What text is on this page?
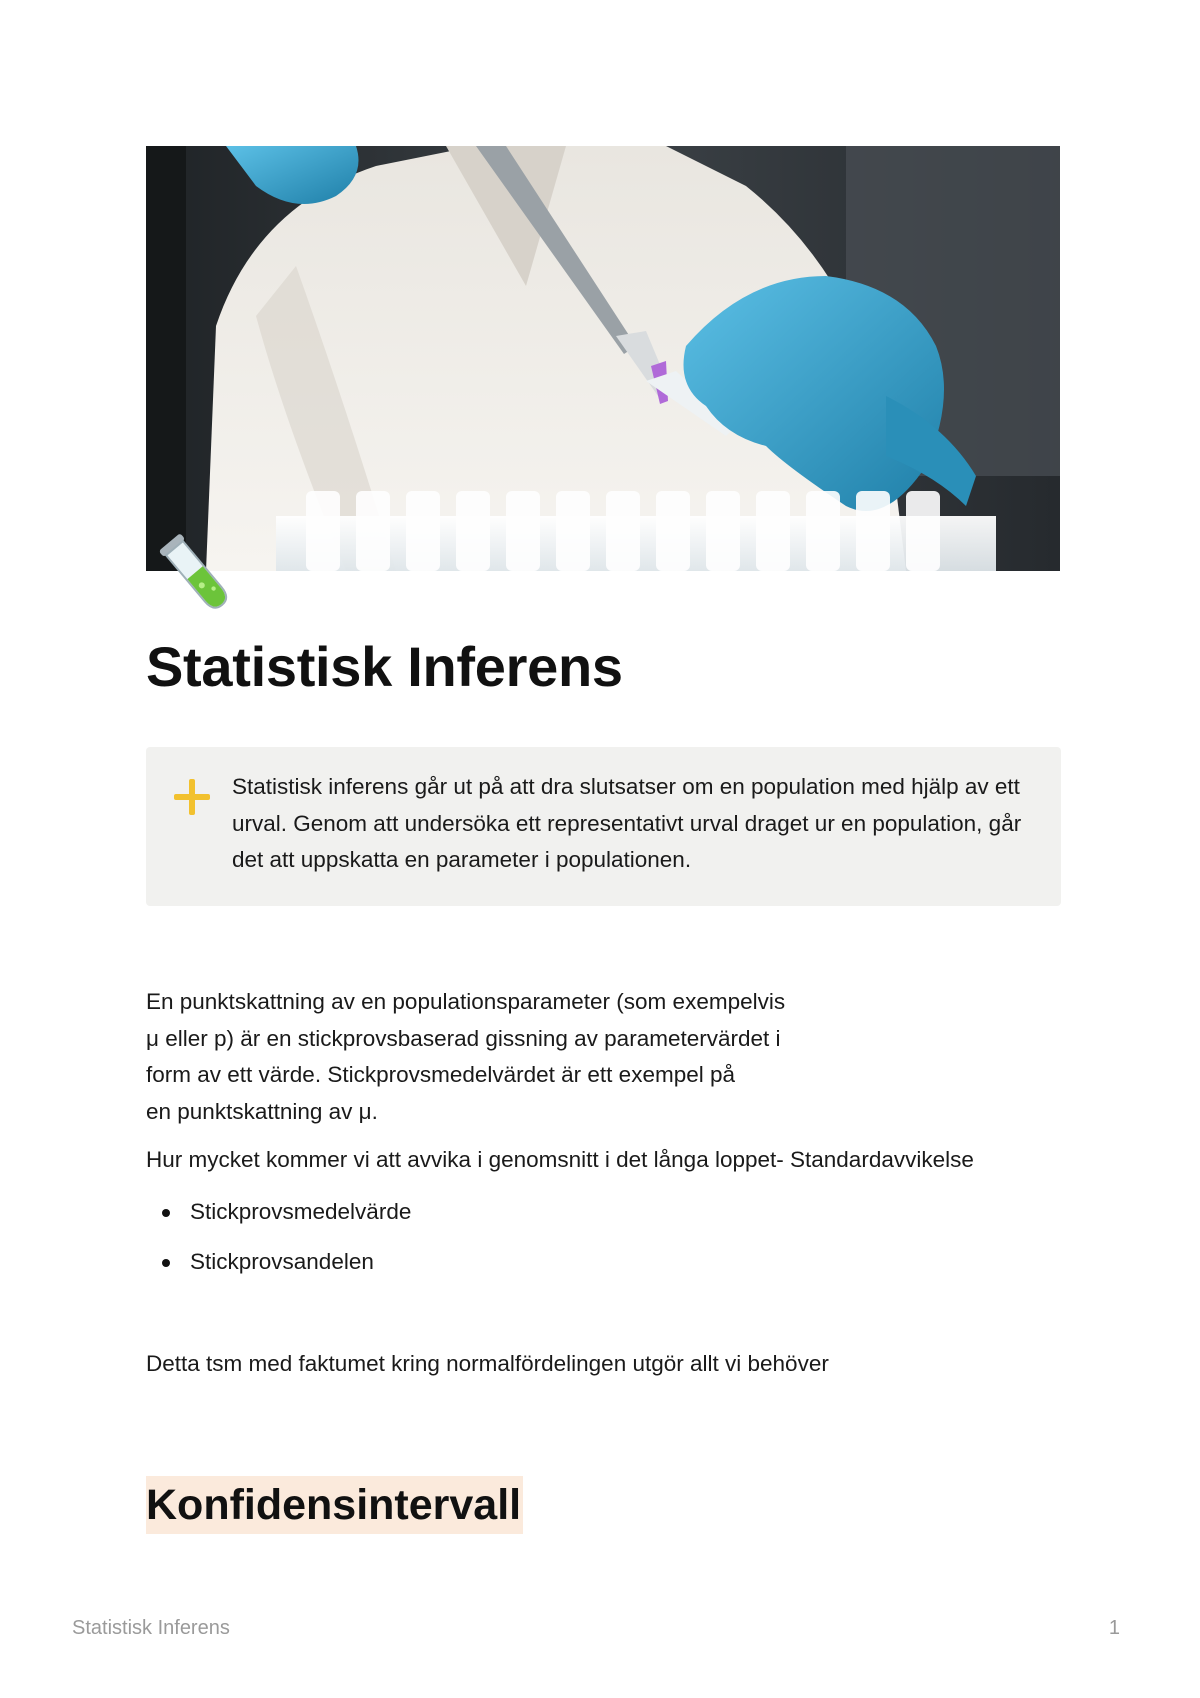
Statistisk Inferens
Statistisk inferens går ut på att dra slutsatser om en population med hjälp av ett urval. Genom att undersöka ett representativt urval draget ur en population, går det att uppskatta en parameter i populationen.

En punktskattning av en populationsparameter (som exempelvis
μ eller p) är en stickprovsbaserad gissning av parametervärdet i
form av ett värde. Stickprovsmedelvärdet är ett exempel på
en punktskattning av μ.

Hur mycket kommer vi att avvika i genomsnitt i det långa loppet- Standardavvikelse

Stickprovsmedelvärde
Stickprovsandelen

Detta tsm med faktumet kring normalfördelingen utgör allt vi behöver

Konfidensintervall
Statistisk Inferens	1
